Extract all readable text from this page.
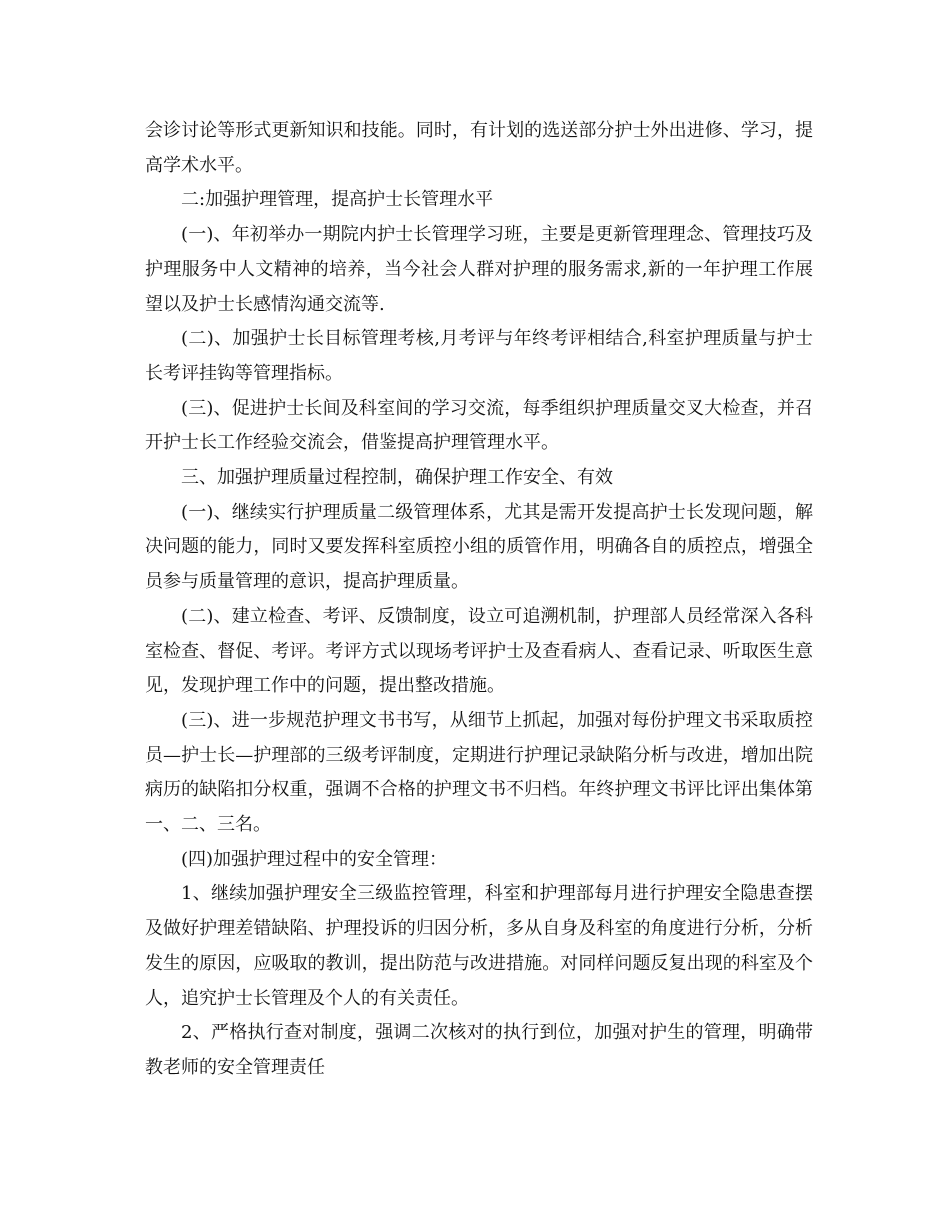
会诊讨论等形式更新知识和技能。同时，有计划的选送部分护士外出进修、学习，提高学术水平。

二:加强护理管理，提高护士长管理水平

(一)、年初举办一期院内护士长管理学习班，主要是更新管理理念、管理技巧及护理服务中人文精神的培养，当今社会人群对护理的服务需求,新的一年护理工作展望以及护士长感情沟通交流等.

(二)、加强护士长目标管理考核,月考评与年终考评相结合,科室护理质量与护士长考评挂钩等管理指标。

(三)、促进护士长间及科室间的学习交流，每季组织护理质量交叉大检查，并召开护士长工作经验交流会，借鉴提高护理管理水平。

三、加强护理质量过程控制，确保护理工作安全、有效

(一)、继续实行护理质量二级管理体系，尤其是需开发提高护士长发现问题，解决问题的能力，同时又要发挥科室质控小组的质管作用，明确各自的质控点，增强全员参与质量管理的意识，提高护理质量。

(二)、建立检查、考评、反馈制度，设立可追溯机制，护理部人员经常深入各科室检查、督促、考评。考评方式以现场考评护士及查看病人、查看记录、听取医生意见，发现护理工作中的问题，提出整改措施。

(三)、进一步规范护理文书书写，从细节上抓起，加强对每份护理文书采取质控员—护士长—护理部的三级考评制度，定期进行护理记录缺陷分析与改进，增加出院病历的缺陷扣分权重，强调不合格的护理文书不归档。年终护理文书评比评出集体第一、二、三名。

(四)加强护理过程中的安全管理：

1、继续加强护理安全三级监控管理，科室和护理部每月进行护理安全隐患查摆及做好护理差错缺陷、护理投诉的归因分析，多从自身及科室的角度进行分析，分析发生的原因，应吸取的教训，提出防范与改进措施。对同样问题反复出现的科室及个人，追究护士长管理及个人的有关责任。

2、严格执行查对制度，强调二次核对的执行到位，加强对护生的管理，明确带教老师的安全管理责任
